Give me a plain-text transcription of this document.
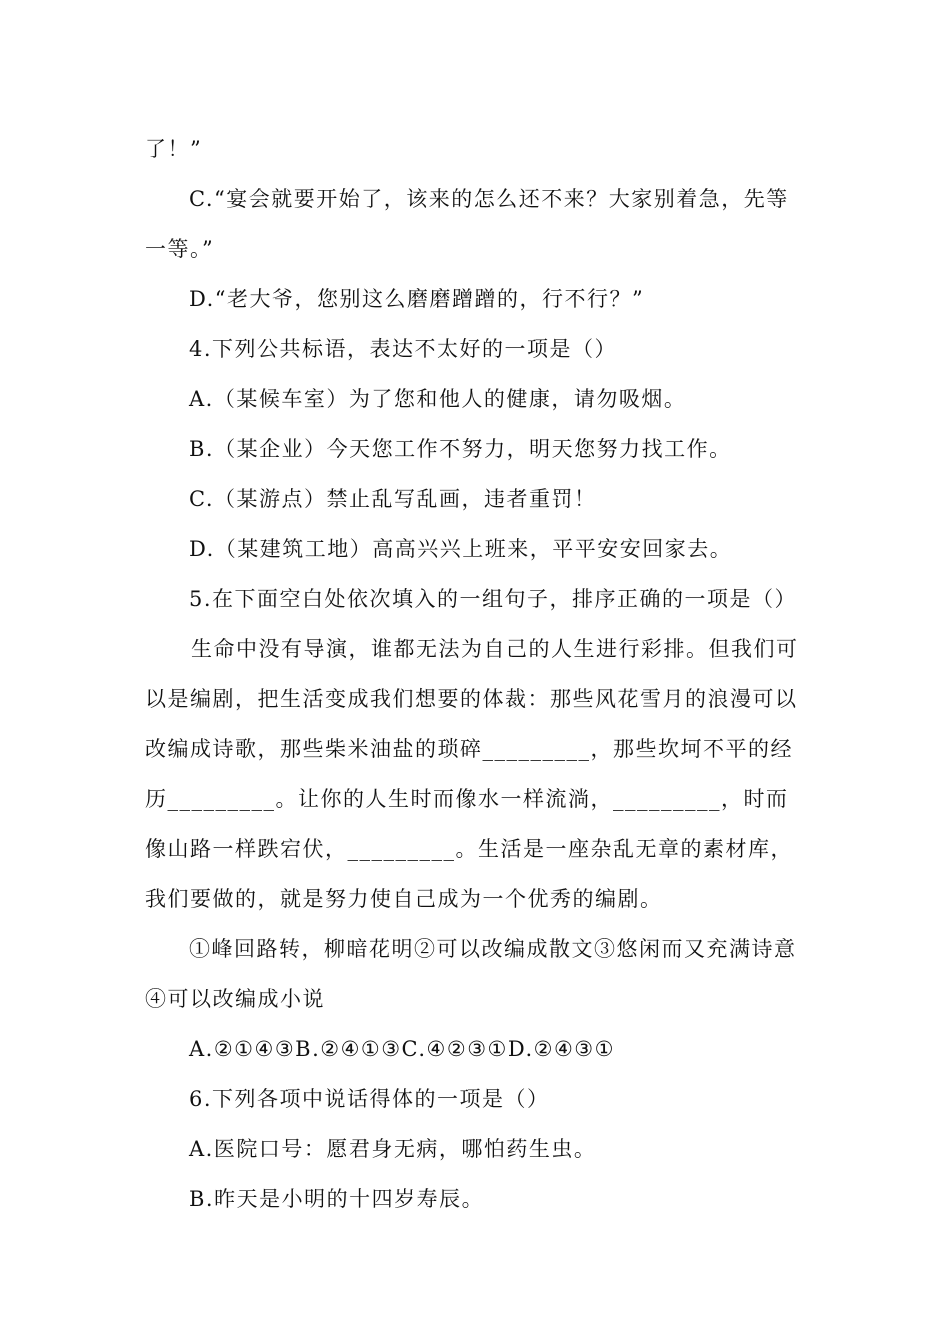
了！”

C.“宴会就要开始了，该来的怎么还不来？大家别着急，先等一等。”

D.“老大爷，您别这么磨磨蹭蹭的，行不行？”

4.下列公共标语，表达不太好的一项是（）

A.（某候车室）为了您和他人的健康，请勿吸烟。

B.（某企业）今天您工作不努力，明天您努力找工作。

C.（某游点）禁止乱写乱画，违者重罚！

D.（某建筑工地）高高兴兴上班来，平平安安回家去。

5.在下面空白处依次填入的一组句子，排序正确的一项是（）

生命中没有导演，谁都无法为自己的人生进行彩排。但我们可以是编剧，把生活变成我们想要的体裁：那些风花雪月的浪漫可以改编成诗歌，那些柴米油盐的琐碎_________，那些坎坷不平的经历_________。让你的人生时而像水一样流淌，_________，时而像山路一样跌宕伏，_________。生活是一座杂乱无章的素材库，我们要做的，就是努力使自己成为一个优秀的编剧。

①峰回路转，柳暗花明②可以改编成散文③悠闲而又充满诗意④可以改编成小说

A.②①④③B.②④①③C.④②③①D.②④③①

6.下列各项中说话得体的一项是（）

A.医院口号：愿君身无病，哪怕药生虫。

B.昨天是小明的十四岁寿辰。
